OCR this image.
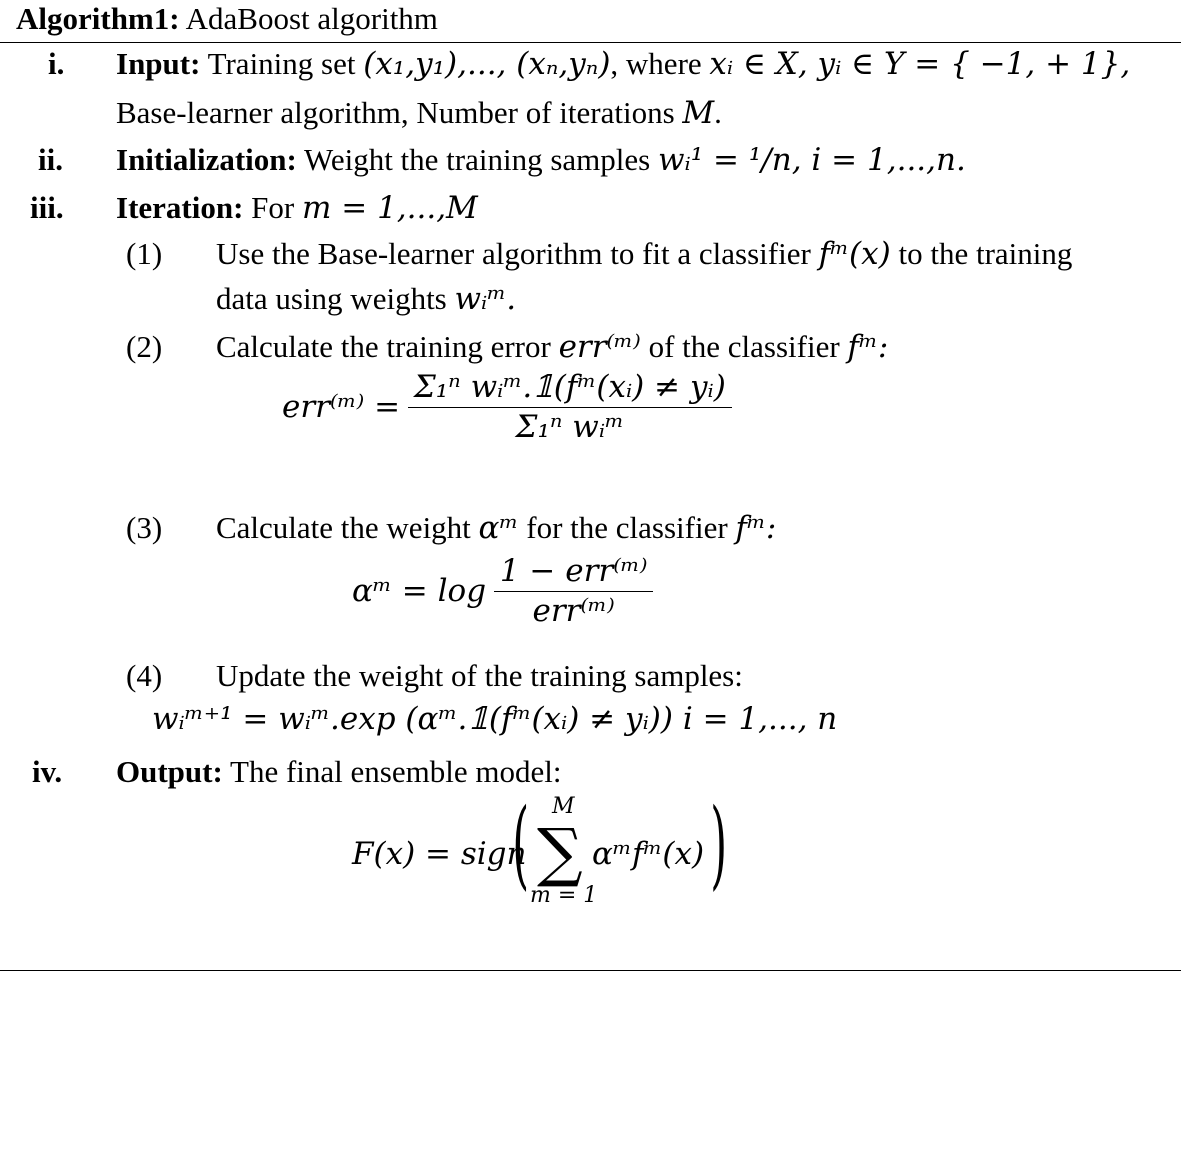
Algorithm1: AdaBoost algorithm
i. Input: Training set (x₁,y₁),..., (xₙ,yₙ), where xᵢ ∈ X, yᵢ ∈ Y = { −1, + 1},
Base-learner algorithm, Number of iterations M.
ii. Initialization: Weight the training samples wᵢ¹ = ¹/n, i = 1,...,n.
iii. Iteration: For m = 1,...,M
(1) Use the Base-learner algorithm to fit a classifier fᵐ(x) to the training
data using weights wᵢᵐ.
(2) Calculate the training error err⁽ᵐ⁾ of the classifier fᵐ:
err⁽ᵐ⁾ = $\frac{\text{Σ₁ⁿ wᵢᵐ.𝟙(fᵐ(xᵢ) ≠ yᵢ)}}{\text{Σ₁ⁿ wᵢᵐ}}$
(3) Calculate the weight αᵐ for the classifier fᵐ:
αᵐ = $\log \frac{\text{1 − err⁽ᵐ⁾}}{\text{err⁽ᵐ⁾}}$
(4) Update the weight of the training samples:
wᵢᵐ⁺¹ = wᵢᵐ.exp (αᵐ.𝟙(fᵐ(xᵢ) ≠ yᵢ)) i = 1,..., n
iv. Output: The final ensemble model:
F(x) = sign
( M
∑
m = 1
αᵐfᵐ(x) )
